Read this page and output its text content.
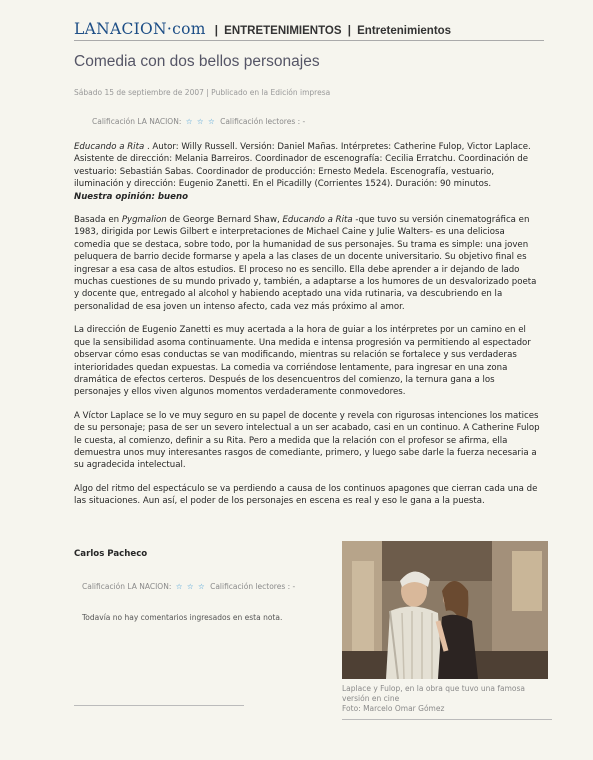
LANACION·com | ENTRETENIMIENTOS | Entretenimientos
Comedia con dos bellos personajes
Sábado 15 de septiembre de 2007 | Publicado en la Edición impresa
Calificación LA NACION: ☆ ☆ ☆ Calificación lectores : -

Educando a Rita . Autor: Willy Russell. Versión: Daniel Mañas. Intérpretes: Catherine Fulop, Victor Laplace. Asistente de dirección: Melania Barreiros. Coordinador de escenografía: Cecilia Erratchu. Coordinación de vestuario: Sebastián Sabas. Coordinador de producción: Ernesto Medela. Escenografía, vestuario, iluminación y dirección: Eugenio Zanetti. En el Picadilly (Corrientes 1524). Duración: 90 minutos.
Nuestra opinión: bueno

Basada en Pygmalion de George Bernard Shaw, Educando a Rita -que tuvo su versión cinematográfica en 1983, dirigida por Lewis Gilbert e interpretaciones de Michael Caine y Julie Walters- es una deliciosa comedia que se destaca, sobre todo, por la humanidad de sus personajes. Su trama es simple: una joven peluquera de barrio decide formarse y apela a las clases de un docente universitario. Su objetivo final es ingresar a esa casa de altos estudios. El proceso no es sencillo. Ella debe aprender a ir dejando de lado muchas cuestiones de su mundo privado y, también, a adaptarse a los humores de un desvalorizado poeta y docente que, entregado al alcohol y habiendo aceptado una vida rutinaria, va descubriendo en la personalidad de esa joven un intenso afecto, cada vez más próximo al amor.

La dirección de Eugenio Zanetti es muy acertada a la hora de guiar a los intérpretes por un camino en el que la sensibilidad asoma continuamente. Una medida e intensa progresión va permitiendo al espectador observar cómo esas conductas se van modificando, mientras su relación se fortalece y sus verdaderas interioridades quedan expuestas. La comedia va corriéndose lentamente, para ingresar en una zona dramática de efectos certeros. Después de los desencuentros del comienzo, la ternura gana a los personajes y ellos viven algunos momentos verdaderamente conmovedores.

A Víctor Laplace se lo ve muy seguro en su papel de docente y revela con rigurosas intenciones los matices de su personaje; pasa de ser un severo intelectual a un ser acabado, casi en un continuo. A Catherine Fulop le cuesta, al comienzo, definir a su Rita. Pero a medida que la relación con el profesor se afirma, ella demuestra unos muy interesantes rasgos de comediante, primero, y luego sabe darle la fuerza necesaria a su agradecida intelectual.

Algo del ritmo del espectáculo se va perdiendo a causa de los continuos apagones que cierran cada una de las situaciones. Aun así, el poder de los personajes en escena es real y eso le gana a la puesta.

Carlos Pacheco
Calificación LA NACION: ☆ ☆ ☆ Calificación lectores : -
Todavía no hay comentarios ingresados en esta nota.
Laplace y Fulop, en la obra que tuvo una famosa versión en cine
Foto: Marcelo Omar Gómez
